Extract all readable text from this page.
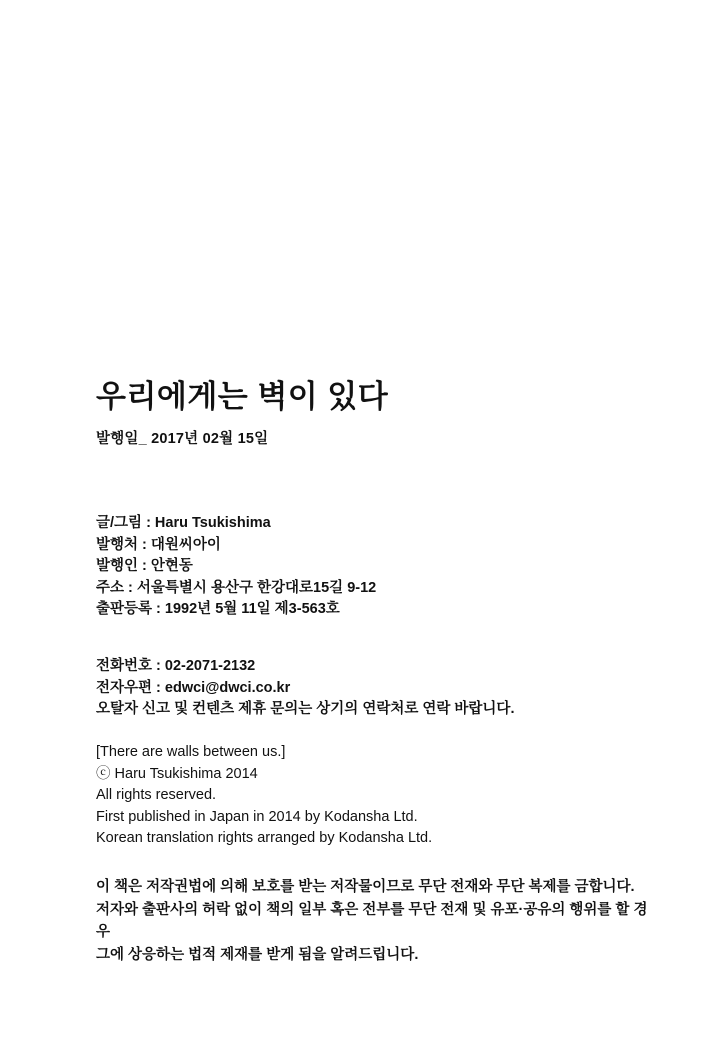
우리에게는 벽이 있다

발행일_ 2017년 02월 15일

글/그림 : Haru Tsukishima

발행처 : 대원씨아이

발행인 : 안현동

주소 : 서울특별시 용산구 한강대로15길 9-12

출판등록 : 1992년 5월 11일 제3-563호

전화번호 : 02-2071-2132

전자우편 : edwci@dwci.co.kr

오탈자 신고 및 컨텐츠 제휴 문의는 상기의 연락처로 연락 바랍니다.

[There are walls between us.]

ⓒ Haru Tsukishima 2014

All rights reserved.

First published in Japan in 2014 by Kodansha Ltd.

Korean translation rights arranged by Kodansha Ltd.

이 책은 저작권법에 의해 보호를 받는 저작물이므로 무단 전재와 무단 복제를 금합니다.

저자와 출판사의 허락 없이 책의 일부 혹은 전부를 무단 전재 및 유포·공유의 행위를 할 경우

그에 상응하는 법적 제재를 받게 됨을 알려드립니다.
